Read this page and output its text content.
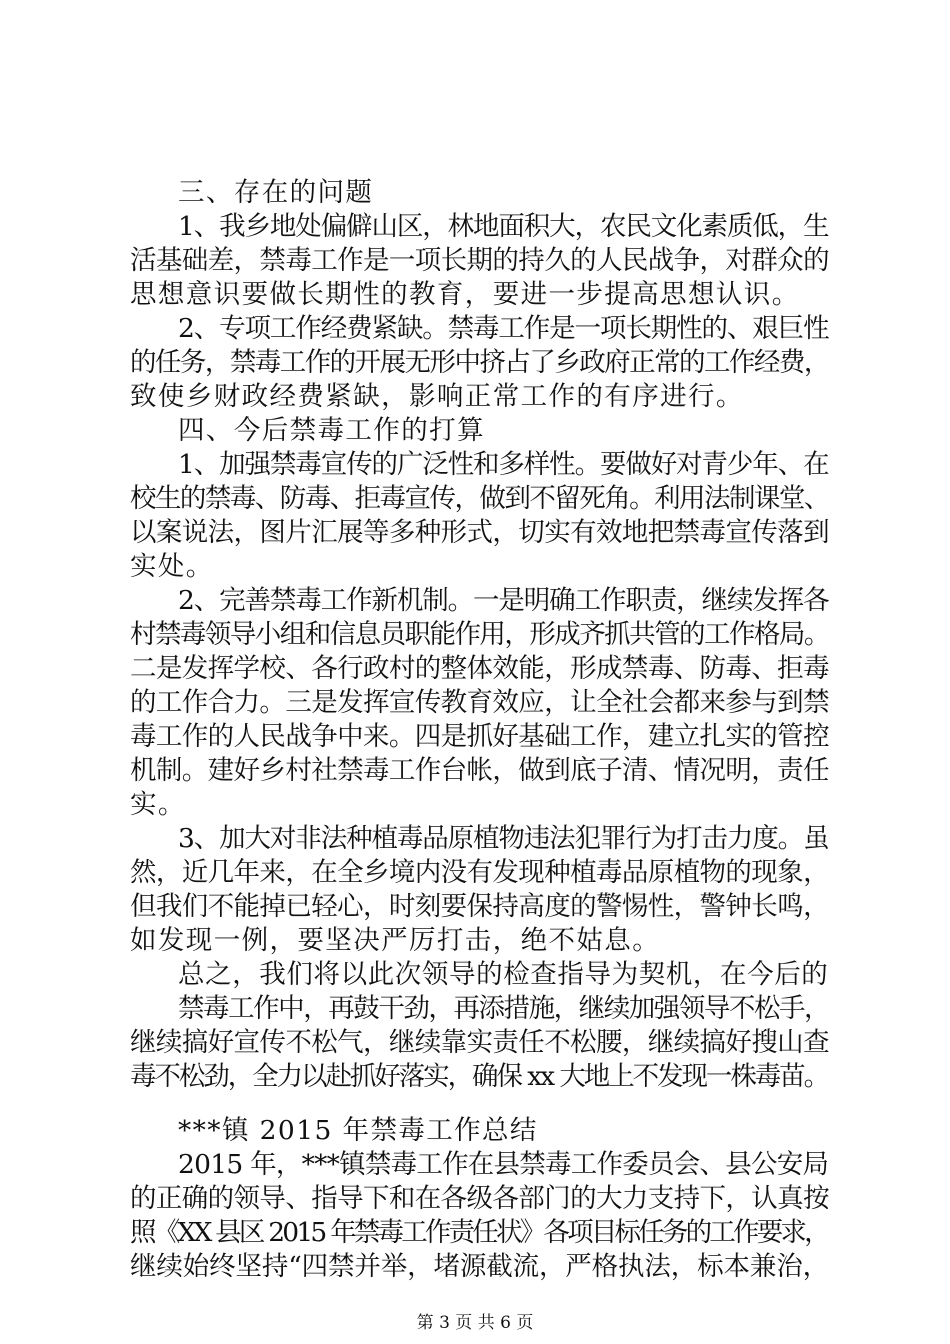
三、存在的问题
1、我乡地处偏僻山区，林地面积大，农民文化素质低，生
活基础差，禁毒工作是一项长期的持久的人民战争，对群众的
思想意识要做长期性的教育，要进一步提高思想认识。
2、专项工作经费紧缺。禁毒工作是一项长期性的、艰巨性
的任务，禁毒工作的开展无形中挤占了乡政府正常的工作经费，
致使乡财政经费紧缺，影响正常工作的有序进行。
四、今后禁毒工作的打算
1、加强禁毒宣传的广泛性和多样性。要做好对青少年、在
校生的禁毒、防毒、拒毒宣传，做到不留死角。利用法制课堂、
以案说法，图片汇展等多种形式，切实有效地把禁毒宣传落到
实处。
2、完善禁毒工作新机制。一是明确工作职责，继续发挥各
村禁毒领导小组和信息员职能作用，形成齐抓共管的工作格局。
二是发挥学校、各行政村的整体效能，形成禁毒、防毒、拒毒
的工作合力。三是发挥宣传教育效应，让全社会都来参与到禁
毒工作的人民战争中来。四是抓好基础工作，建立扎实的管控
机制。建好乡村社禁毒工作台帐，做到底子清、情况明，责任
实。
3、加大对非法种植毒品原植物违法犯罪行为打击力度。虽
然，近几年来，在全乡境内没有发现种植毒品原植物的现象，
但我们不能掉已轻心，时刻要保持高度的警惕性，警钟长鸣，
如发现一例，要坚决严厉打击，绝不姑息。
总之，我们将以此次领导的检查指导为契机，在今后的
禁毒工作中，再鼓干劲，再添措施，继续加强领导不松手，
继续搞好宣传不松气，继续靠实责任不松腰，继续搞好搜山查
毒不松劲，全力以赴抓好落实，确保 xx 大地上不发现一株毒苗。
***镇 2015 年禁毒工作总结
2015 年，***镇禁毒工作在县禁毒工作委员会、县公安局
的正确的领导、指导下和在各级各部门的大力支持下，认真按
照《XX 县区 2015 年禁毒工作责任状》各项目标任务的工作要求，
继续始终坚持“四禁并举，堵源截流，严格执法，标本兼治，
第 3 页 共 6 页
